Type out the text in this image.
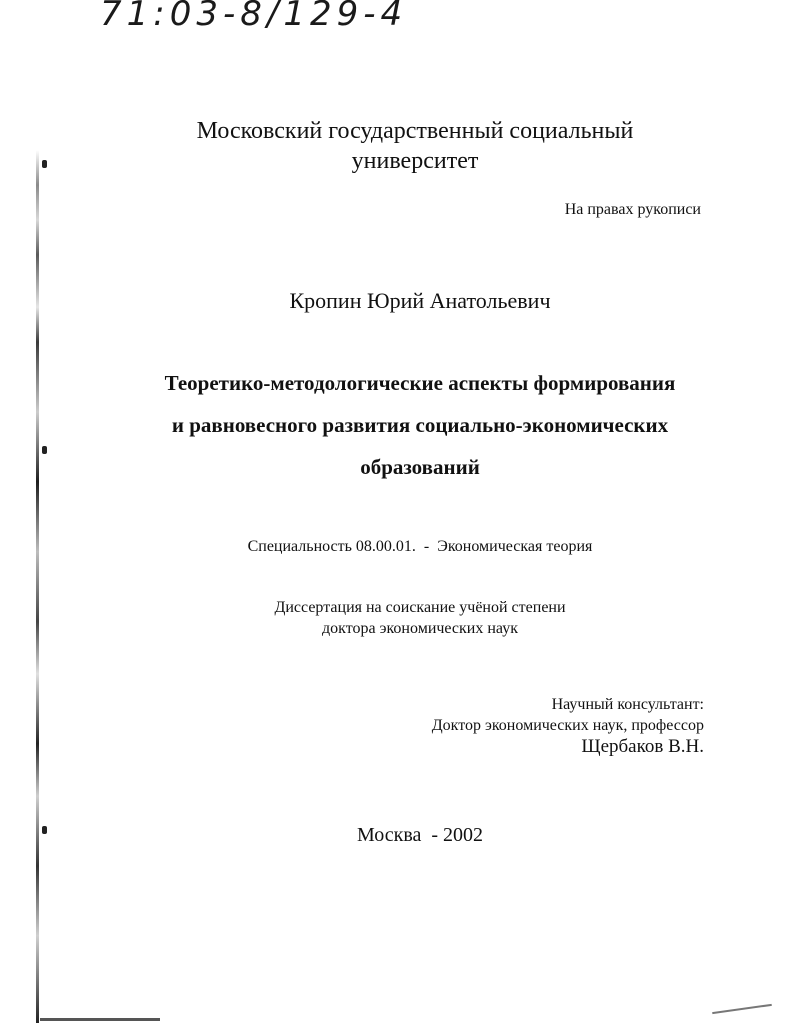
71:03-8/129-4
Московский государственный социальный университет
На правах рукописи
Кропин Юрий Анатольевич
Теоретико-методологические аспекты формирования
и равновесного развития социально-экономических
образований
Специальность 08.00.01.  -  Экономическая теория
Диссертация на соискание учёной степени
доктора экономических наук
Научный консультант:
Доктор экономических наук, профессор
Щербаков В.Н.
Москва  - 2002
